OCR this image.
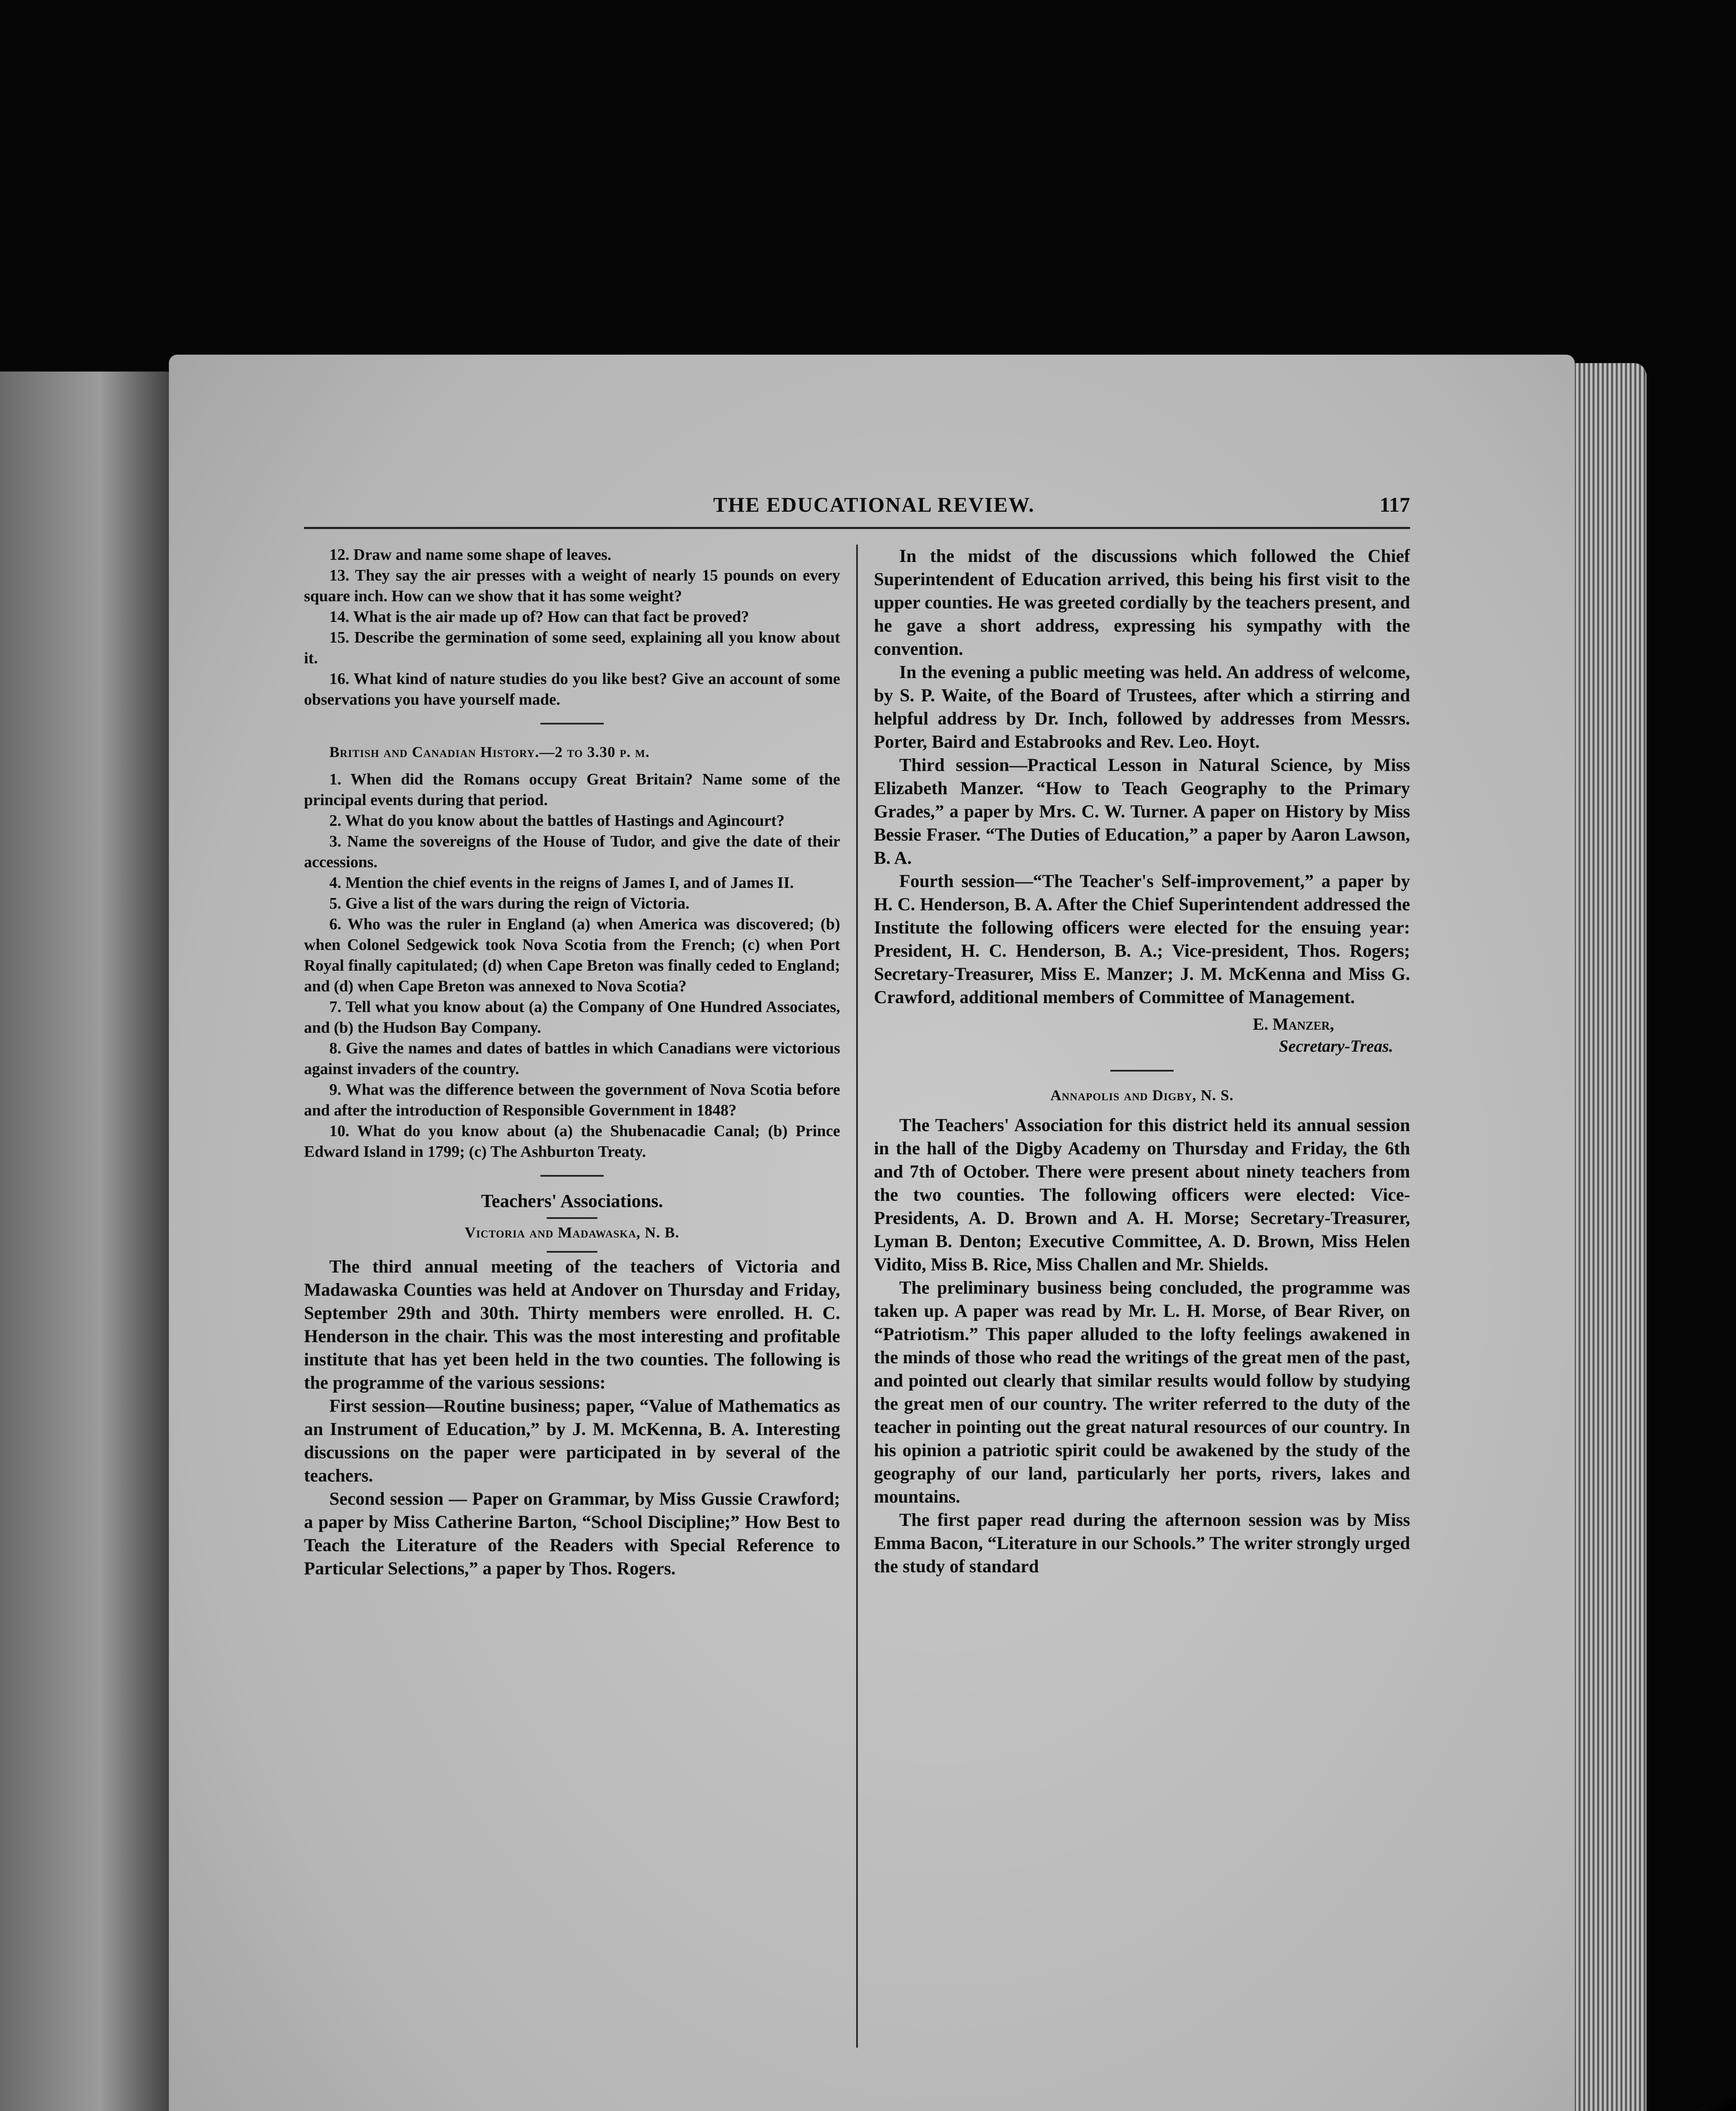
THE EDUCATIONAL REVIEW.	117

12. Draw and name some shape of leaves.

13. They say the air presses with a weight of nearly 15 pounds on every square inch. How can we show that it has some weight?

14. What is the air made up of? How can that fact be proved?

15. Describe the germination of some seed, explaining all you know about it.

16. What kind of nature studies do you like best? Give an account of some observations you have yourself made.

British and Canadian History.—2 to 3.30 p. m.

1. When did the Romans occupy Great Britain? Name some of the principal events during that period.

2. What do you know about the battles of Hastings and Agincourt?

3. Name the sovereigns of the House of Tudor, and give the date of their accessions.

4. Mention the chief events in the reigns of James I, and of James II.

5. Give a list of the wars during the reign of Victoria.

6. Who was the ruler in England (a) when America was discovered; (b) when Colonel Sedgewick took Nova Scotia from the French; (c) when Port Royal finally capitulated; (d) when Cape Breton was finally ceded to England; and (d) when Cape Breton was annexed to Nova Scotia?

7. Tell what you know about (a) the Company of One Hundred Associates, and (b) the Hudson Bay Company.

8. Give the names and dates of battles in which Canadians were victorious against invaders of the country.

9. What was the difference between the government of Nova Scotia before and after the introduction of Responsible Government in 1848?

10. What do you know about (a) the Shubenacadie Canal; (b) Prince Edward Island in 1799; (c) The Ashburton Treaty.

Teachers' Associations.

Victoria and Madawaska, N. B.

The third annual meeting of the teachers of Victoria and Madawaska Counties was held at Andover on Thursday and Friday, September 29th and 30th. Thirty members were enrolled. H. C. Henderson in the chair. This was the most interesting and profitable institute that has yet been held in the two counties. The following is the programme of the various sessions:

First session—Routine business; paper, “Value of Mathematics as an Instrument of Education,” by J. M. McKenna, B. A. Interesting discussions on the paper were participated in by several of the teachers.

Second session — Paper on Grammar, by Miss Gussie Crawford; a paper by Miss Catherine Barton, “School Discipline;” How Best to Teach the Literature of the Readers with Special Reference to Particular Selections,” a paper by Thos. Rogers.

In the midst of the discussions which followed the Chief Superintendent of Education arrived, this being his first visit to the upper counties. He was greeted cordially by the teachers present, and he gave a short address, expressing his sympathy with the convention.

In the evening a public meeting was held. An address of welcome, by S. P. Waite, of the Board of Trustees, after which a stirring and helpful address by Dr. Inch, followed by addresses from Messrs. Porter, Baird and Estabrooks and Rev. Leo. Hoyt.

Third session—Practical Lesson in Natural Science, by Miss Elizabeth Manzer. “How to Teach Geography to the Primary Grades,” a paper by Mrs. C. W. Turner. A paper on History by Miss Bessie Fraser. “The Duties of Education,” a paper by Aaron Lawson, B. A.

Fourth session—“The Teacher's Self-improvement,” a paper by H. C. Henderson, B. A. After the Chief Superintendent addressed the Institute the following officers were elected for the ensuing year: President, H. C. Henderson, B. A.; Vice-president, Thos. Rogers; Secretary-Treasurer, Miss E. Manzer; J. M. McKenna and Miss G. Crawford, additional members of Committee of Management.

E. Manzer,

Secretary-Treas.

Annapolis and Digby, N. S.

The Teachers' Association for this district held its annual session in the hall of the Digby Academy on Thursday and Friday, the 6th and 7th of October. There were present about ninety teachers from the two counties. The following officers were elected: Vice-Presidents, A. D. Brown and A. H. Morse; Secretary-Treasurer, Lyman B. Denton; Executive Committee, A. D. Brown, Miss Helen Vidito, Miss B. Rice, Miss Challen and Mr. Shields.

The preliminary business being concluded, the programme was taken up. A paper was read by Mr. L. H. Morse, of Bear River, on “Patriotism.” This paper alluded to the lofty feelings awakened in the minds of those who read the writings of the great men of the past, and pointed out clearly that similar results would follow by studying the great men of our country. The writer referred to the duty of the teacher in pointing out the great natural resources of our country. In his opinion a patriotic spirit could be awakened by the study of the geography of our land, particularly her ports, rivers, lakes and mountains.

The first paper read during the afternoon session was by Miss Emma Bacon, “Literature in our Schools.” The writer strongly urged the study of standard
